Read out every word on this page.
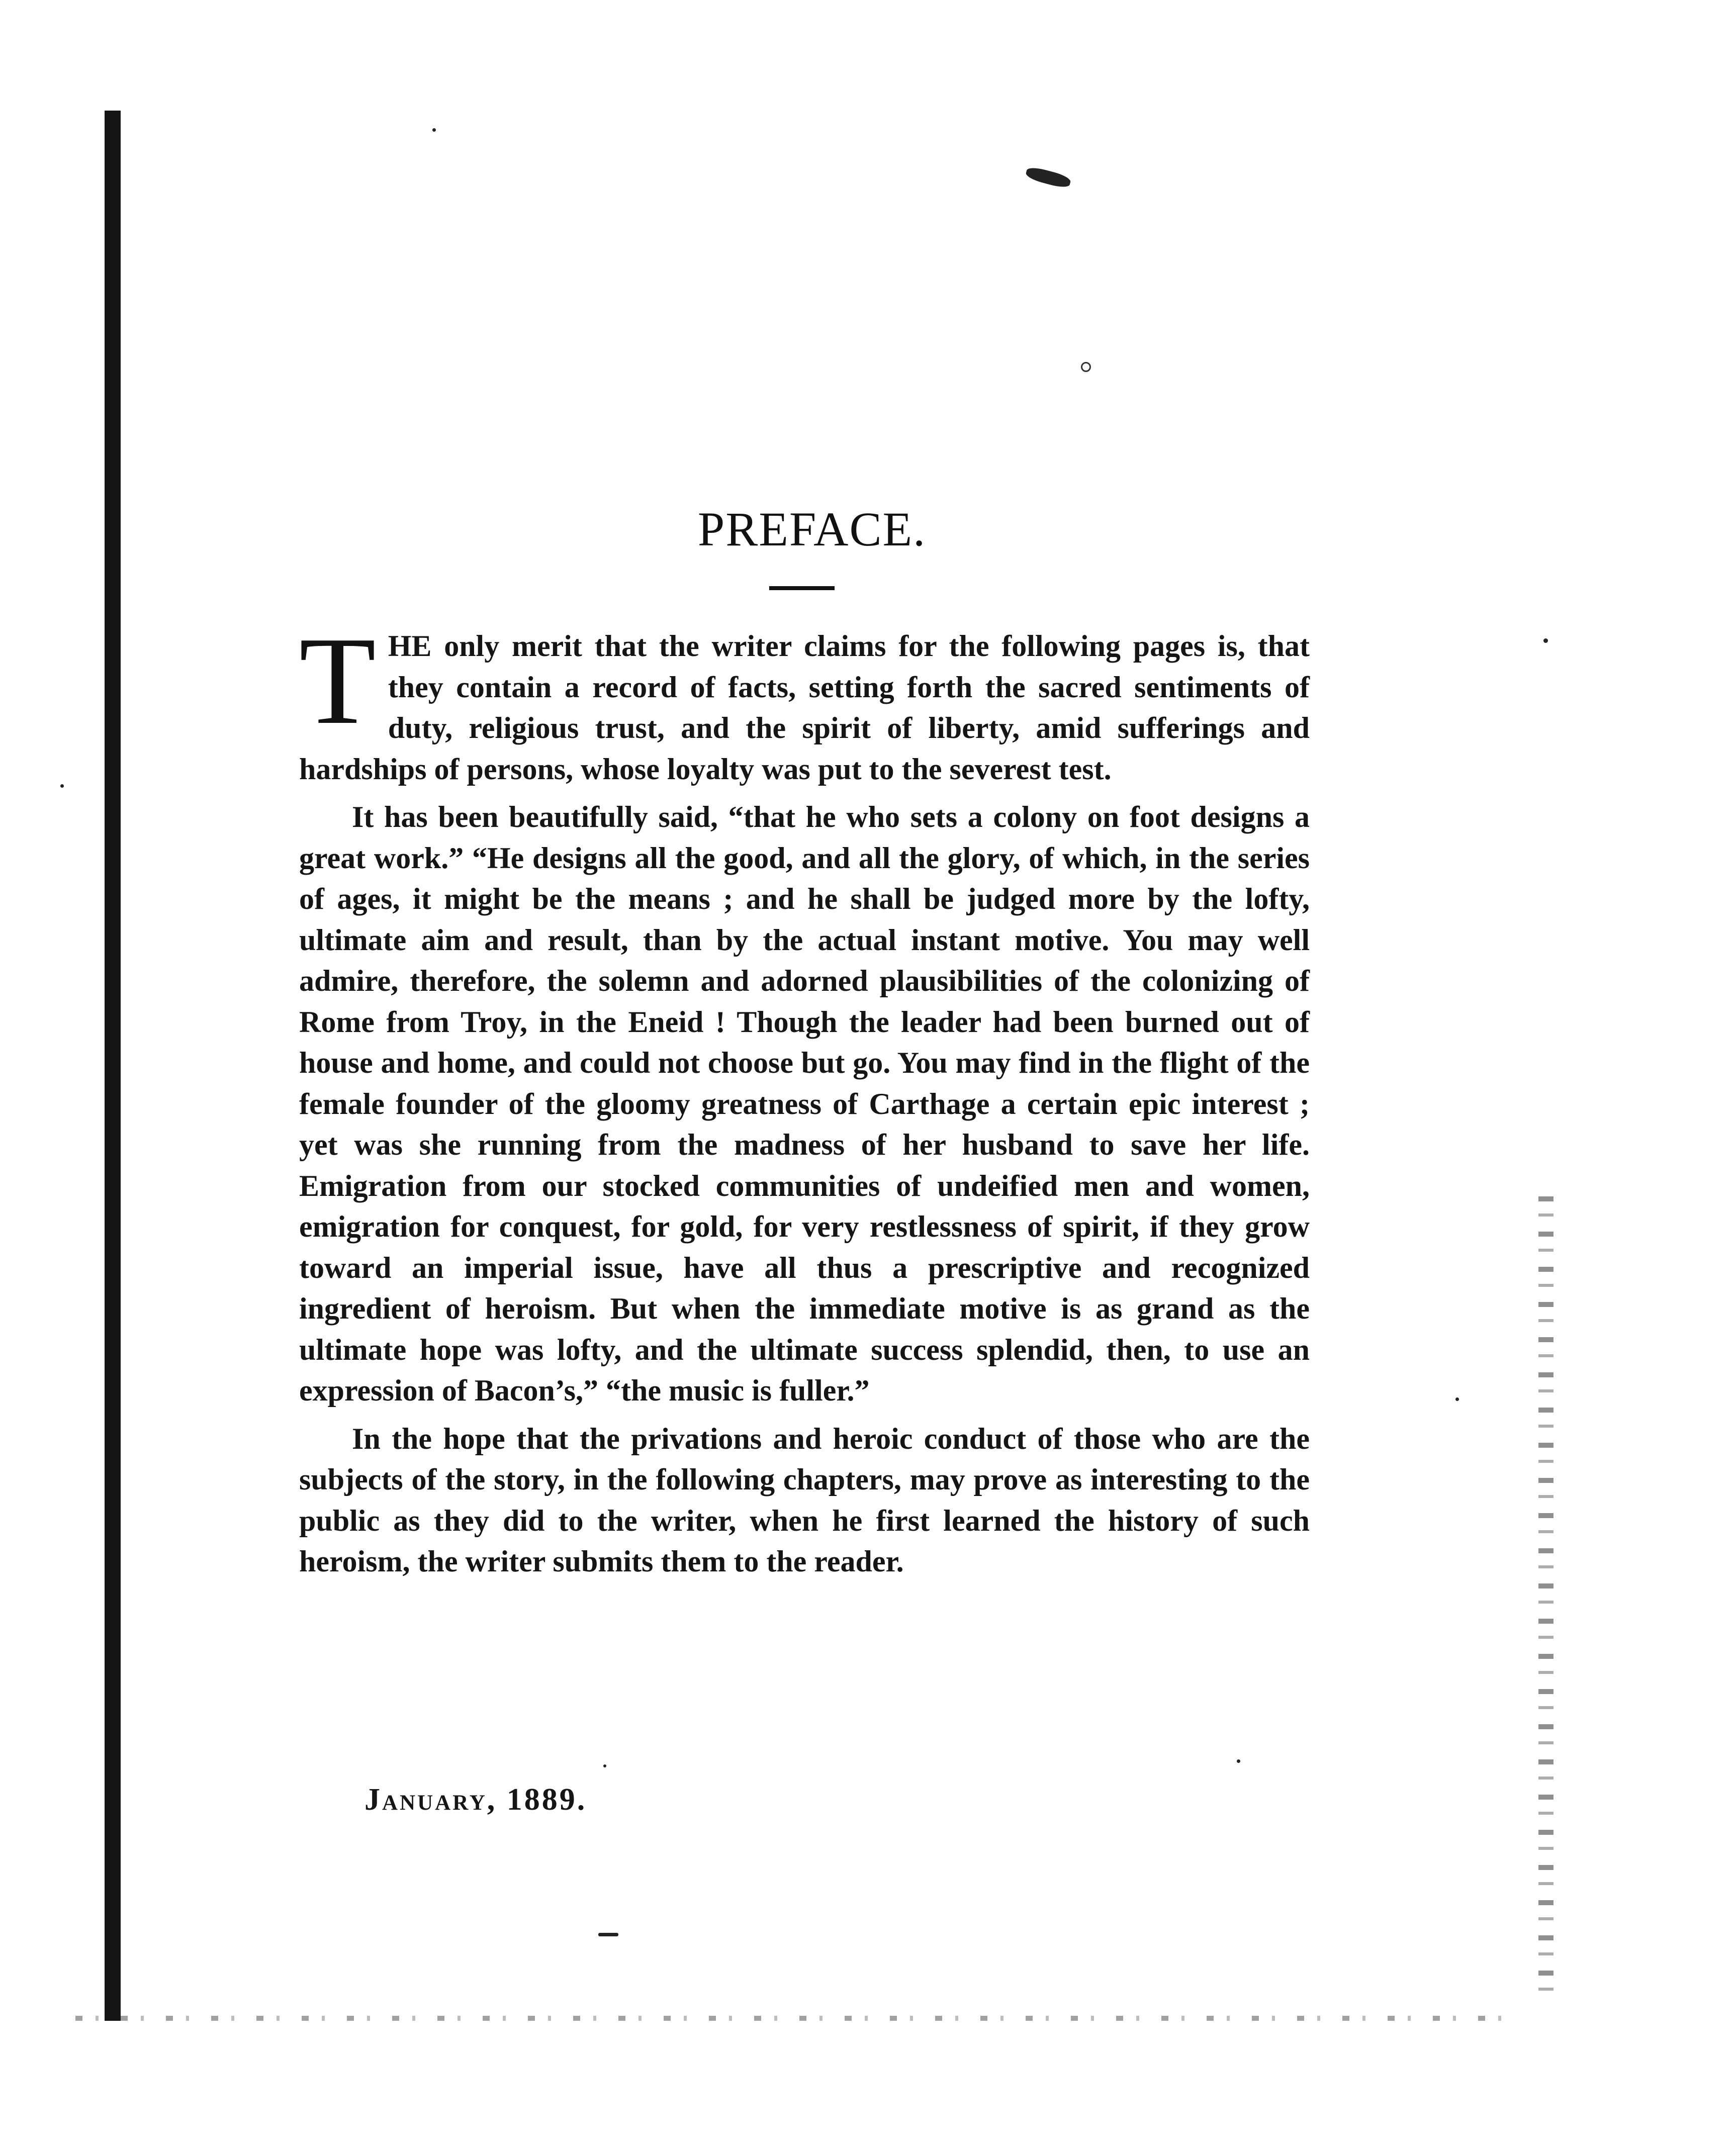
PREFACE.

THE only merit that the writer claims for the following pages is, that they contain a record of facts, setting forth the sacred sentiments of duty, religious trust, and the spirit of liberty, amid sufferings and hardships of persons, whose loyalty was put to the severest test.

It has been beautifully said, “that he who sets a colony on foot designs a great work.” “He designs all the good, and all the glory, of which, in the series of ages, it might be the means ; and he shall be judged more by the lofty, ultimate aim and result, than by the actual instant motive. You may well admire, therefore, the solemn and adorned plausibilities of the colonizing of Rome from Troy, in the Eneid ! Though the leader had been burned out of house and home, and could not choose but go. You may find in the flight of the female founder of the gloomy greatness of Carthage a certain epic interest ; yet was she running from the madness of her husband to save her life. Emigration from our stocked communities of undeified men and women, emigration for conquest, for gold, for very restlessness of spirit, if they grow toward an imperial issue, have all thus a prescriptive and recognized ingredient of heroism. But when the immediate motive is as grand as the ultimate hope was lofty, and the ultimate success splendid, then, to use an expression of Bacon’s,” “the music is fuller.”

In the hope that the privations and heroic conduct of those who are the subjects of the story, in the following chapters, may prove as interesting to the public as they did to the writer, when he first learned the history of such heroism, the writer submits them to the reader.

January, 1889.
